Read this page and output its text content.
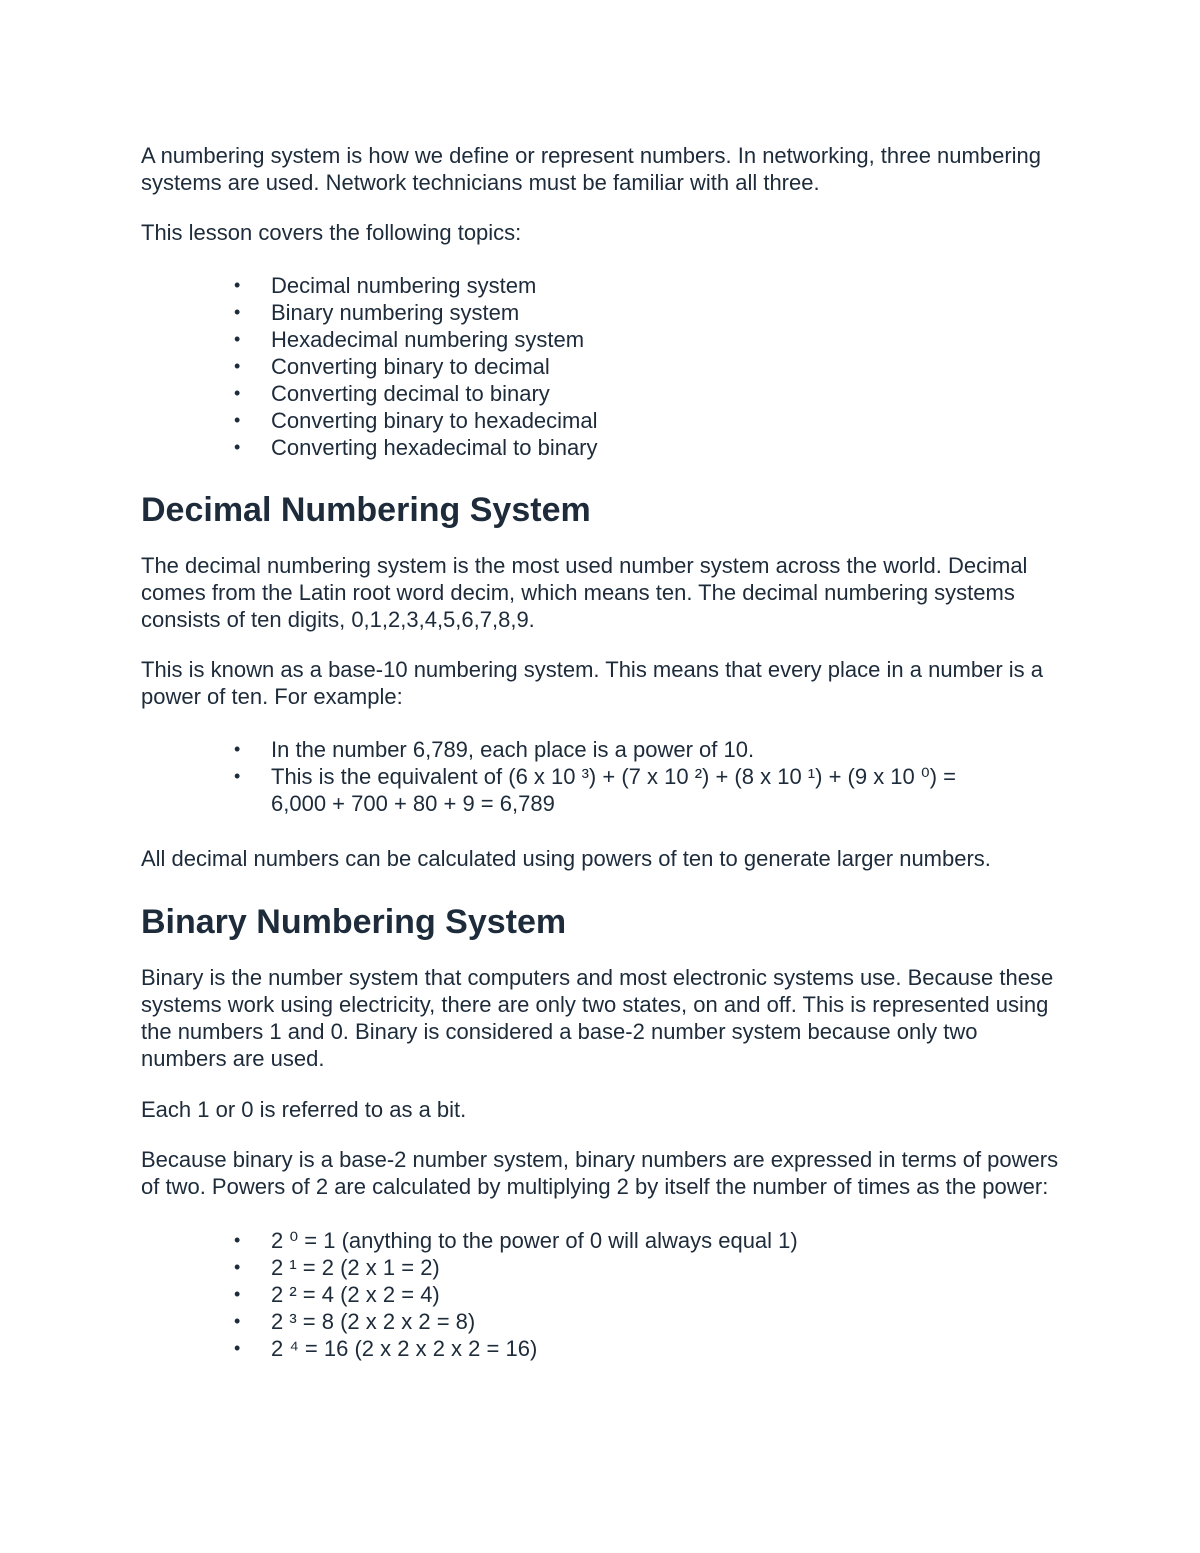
A numbering system is how we define or represent numbers. In networking, three numbering systems are used. Network technicians must be familiar with all three.

This lesson covers the following topics:

• Decimal numbering system
• Binary numbering system
• Hexadecimal numbering system
• Converting binary to decimal
• Converting decimal to binary
• Converting binary to hexadecimal
• Converting hexadecimal to binary
Decimal Numbering System

The decimal numbering system is the most used number system across the world. Decimal comes from the Latin root word decim, which means ten. The decimal numbering systems consists of ten digits, 0,1,2,3,4,5,6,7,8,9.

This is known as a base-10 numbering system. This means that every place in a number is a power of ten. For example:

• In the number 6,789, each place is a power of 10.
• This is the equivalent of (6 x 10 ³) + (7 x 10 ²) + (8 x 10 ¹) + (9 x 10 ⁰) =
6,000 + 700 + 80 + 9 = 6,789

All decimal numbers can be calculated using powers of ten to generate larger numbers.

Binary Numbering System

Binary is the number system that computers and most electronic systems use. Because these systems work using electricity, there are only two states, on and off. This is represented using the numbers 1 and 0. Binary is considered a base-2 number system because only two numbers are used.

Each 1 or 0 is referred to as a bit.

Because binary is a base-2 number system, binary numbers are expressed in terms of powers of two. Powers of 2 are calculated by multiplying 2 by itself the number of times as the power:

• 2 ⁰ = 1 (anything to the power of 0 will always equal 1)
• 2 ¹ = 2 (2 x 1 = 2)
• 2 ² = 4 (2 x 2 = 4)
• 2 ³ = 8 (2 x 2 x 2 = 8)
• 2 ⁴ = 16 (2 x 2 x 2 x 2 = 16)
